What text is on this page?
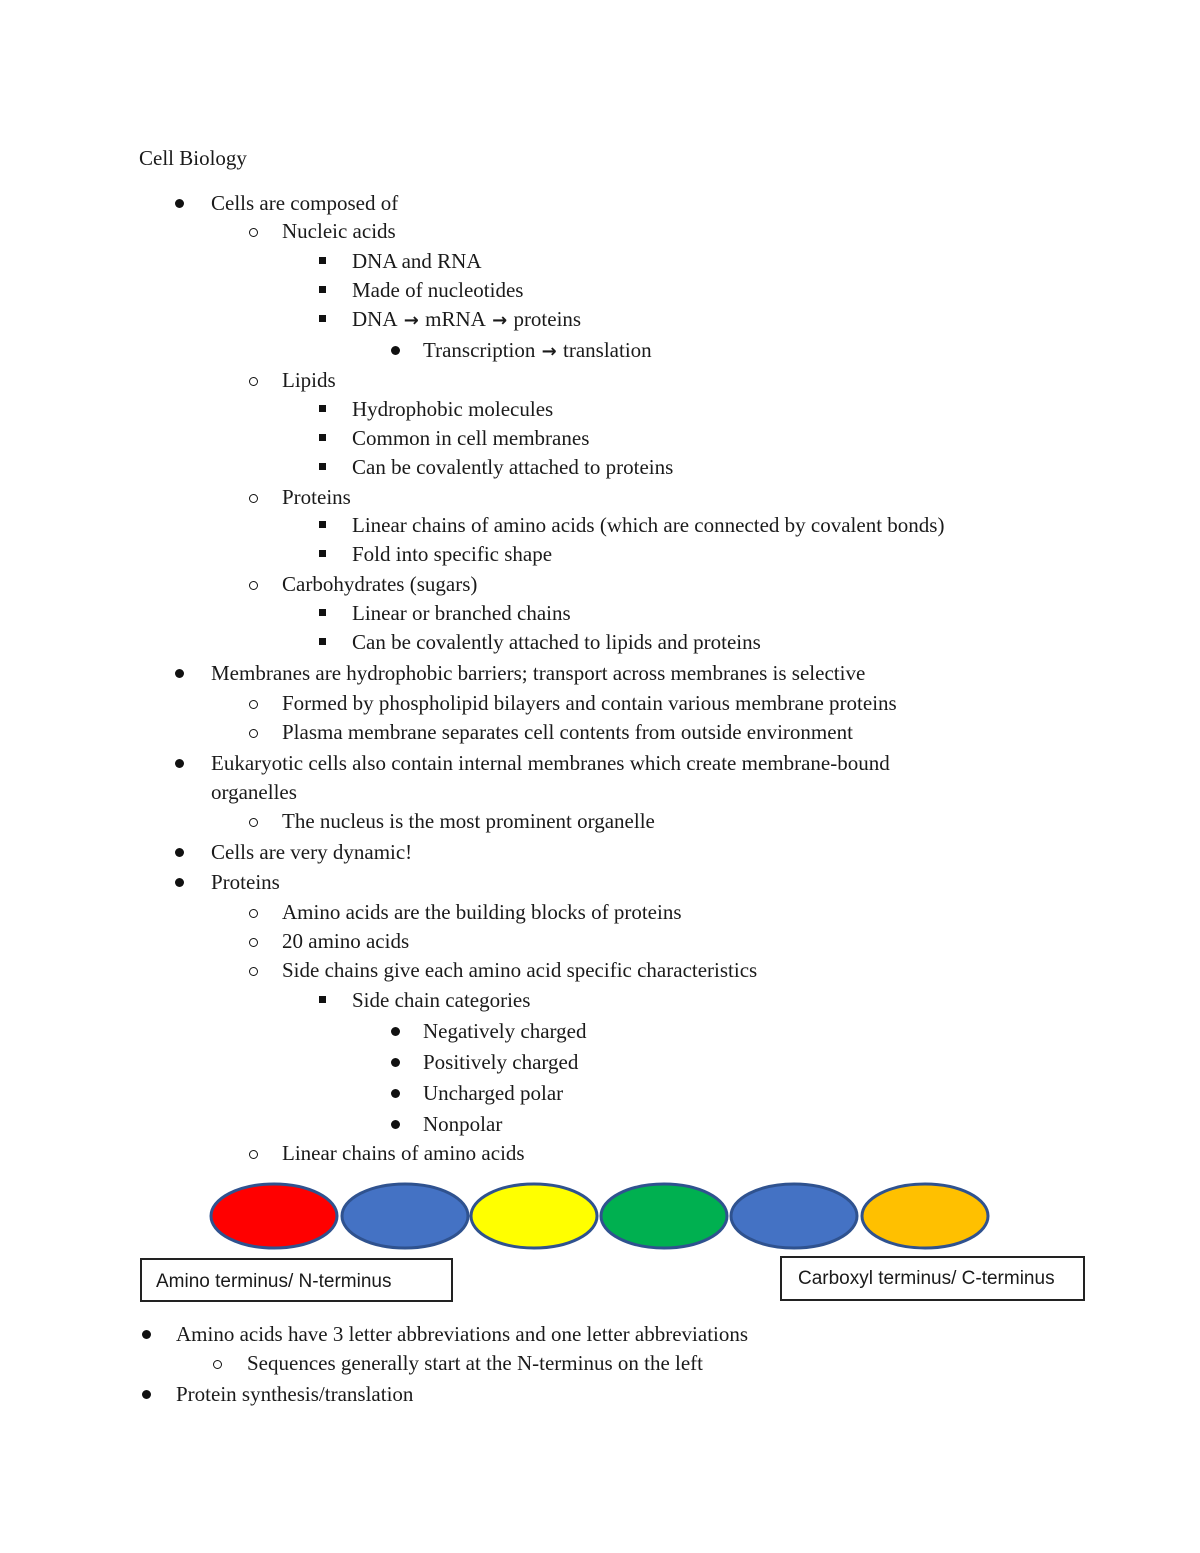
Cell Biology
Cells are composed of
Nucleic acids
DNA and RNA
Made of nucleotides
DNA → mRNA → proteins
Transcription → translation
Lipids
Hydrophobic molecules
Common in cell membranes
Can be covalently attached to proteins
Proteins
Linear chains of amino acids (which are connected by covalent bonds)
Fold into specific shape
Carbohydrates (sugars)
Linear or branched chains
Can be covalently attached to lipids and proteins
Membranes are hydrophobic barriers; transport across membranes is selective
Formed by phospholipid bilayers and contain various membrane proteins
Plasma membrane separates cell contents from outside environment
Eukaryotic cells also contain internal membranes which create membrane-bound
organelles
The nucleus is the most prominent organelle
Cells are very dynamic!
Proteins
Amino acids are the building blocks of proteins
20 amino acids
Side chains give each amino acid specific characteristics
Side chain categories
Negatively charged
Positively charged
Uncharged polar
Nonpolar
Linear chains of amino acids
Amino terminus/ N-terminus	Carboxyl terminus/ C-terminus
Amino acids have 3 letter abbreviations and one letter abbreviations
Sequences generally start at the N-terminus on the left
Protein synthesis/translation
